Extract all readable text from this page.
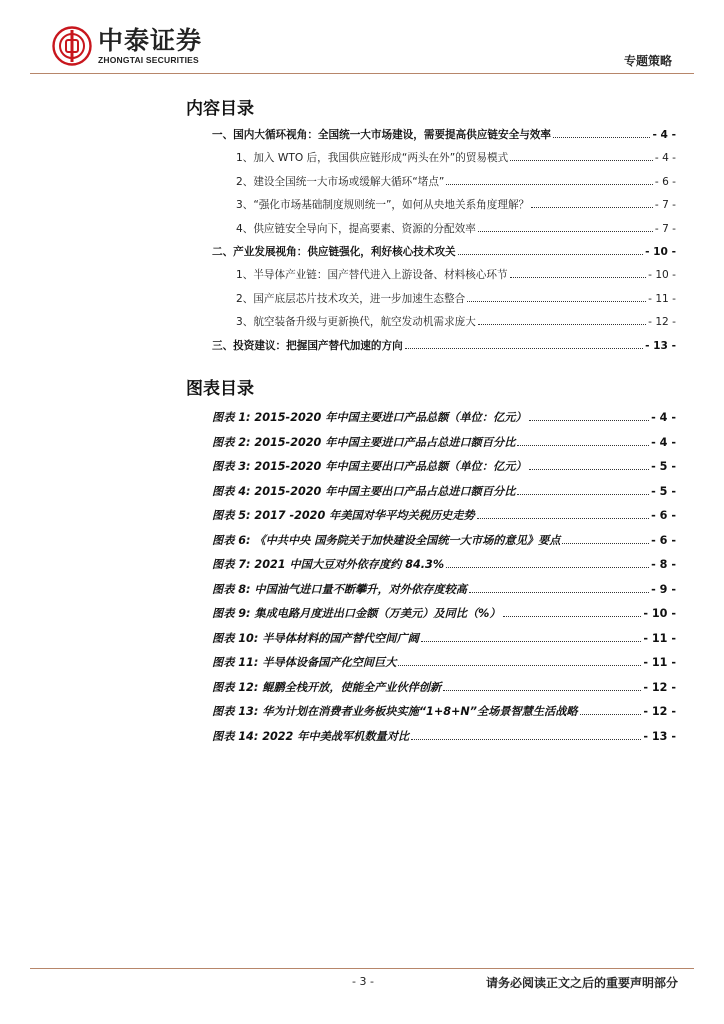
中泰证券
ZHONGTAI SECURITIES	专题策略
内容目录
一、国内大循环视角：全国统一大市场建设，需要提高供应链安全与效率	- 4 -
1、加入 WTO 后，我国供应链形成“两头在外”的贸易模式	- 4 -
2、建设全国统一大市场或缓解大循环“堵点”	- 6 -
3、“强化市场基础制度规则统一”，如何从央地关系角度理解？	- 7 -
4、供应链安全导向下，提高要素、资源的分配效率	- 7 -
二、产业发展视角：供应链强化，利好核心技术攻关	- 10 -
1、半导体产业链：国产替代进入上游设备、材料核心环节	- 10 -
2、国产底层芯片技术攻关，进一步加速生态整合	- 11 -
3、航空装备升级与更新换代，航空发动机需求庞大	- 12 -
三、投资建议：把握国产替代加速的方向	- 13 -
图表目录
图表 1: 2015-2020 年中国主要进口产品总额（单位：亿元）	- 4 -
图表 2: 2015-2020 年中国主要进口产品占总进口额百分比	- 4 -
图表 3: 2015-2020 年中国主要出口产品总额（单位：亿元）	- 5 -
图表 4: 2015-2020 年中国主要出口产品占总进口额百分比	- 5 -
图表 5: 2017 -2020 年美国对华平均关税历史走势	- 6 -
图表 6: 《中共中央 国务院关于加快建设全国统一大市场的意见》要点	- 6 -
图表 7: 2021 中国大豆对外依存度约 84.3%	- 8 -
图表 8: 中国油气进口量不断攀升，对外依存度较高	- 9 -
图表 9: 集成电路月度进出口金额（万美元）及同比（%）	- 10 -
图表 10: 半导体材料的国产替代空间广阔	- 11 -
图表 11: 半导体设备国产化空间巨大	- 11 -
图表 12: 鲲鹏全栈开放，使能全产业伙伴创新	- 12 -
图表 13: 华为计划在消费者业务板块实施“1+8+N”全场景智慧生活战略	- 12 -
图表 14: 2022 年中美战军机数量对比	- 13 -
- 3 -	请务必阅读正文之后的重要声明部分
